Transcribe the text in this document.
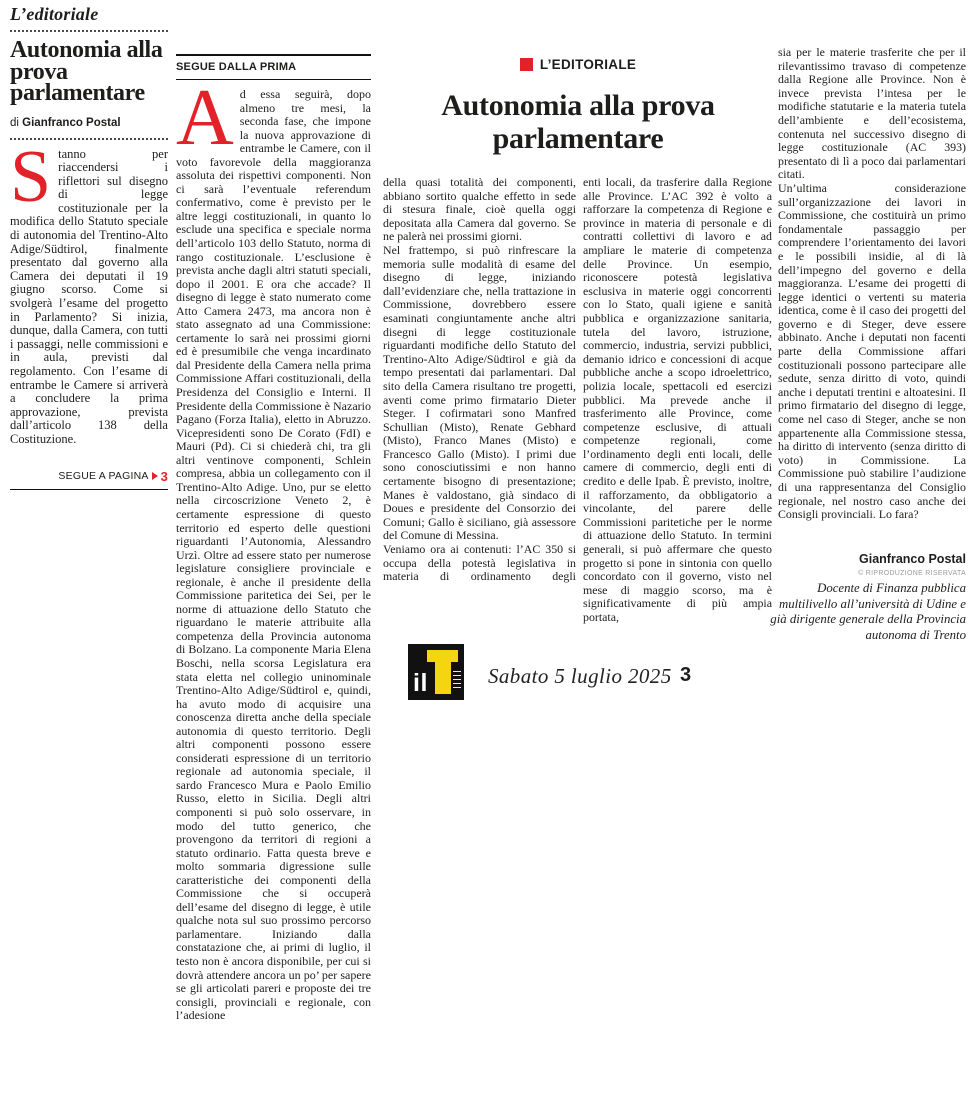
L’editoriale
Autonomia alla prova parlamentare
di Gianfranco Postal
Stanno per riaccendersi i riflettori sul disegno di legge costituzionale per la modifica dello Statuto speciale di autonomia del Trentino-Alto Adige/Südtirol, finalmente presentato dal governo alla Camera dei deputati il 19 giugno scorso. Come si svolgerà l’esame del progetto in Parlamento? Si inizia, dunque, dalla Camera, con tutti i passaggi, nelle commissioni e in aula, previsti dal regolamento. Con l’esame di entrambe le Camere si arriverà a concludere la prima approvazione, prevista dall’articolo 138 della Costituzione.
SEGUE A PAGINA 3
SEGUE DALLA PRIMA
Ad essa seguirà, dopo almeno tre mesi, la seconda fase, che impone la nuova approvazione di entrambe le Camere, con il voto favorevole della maggioranza assoluta dei rispettivi componenti. Non ci sarà l’eventuale referendum confermativo, come è previsto per le altre leggi costituzionali, in quanto lo esclude una specifica e speciale norma dell’articolo 103 dello Statuto, norma di rango costituzionale. L’esclusione è prevista anche dagli altri statuti speciali, dopo il 2001. E ora che accade? Il disegno di legge è stato numerato come Atto Camera 2473, ma ancora non è stato assegnato ad una Commissione: certamente lo sarà nei prossimi giorni ed è presumibile che venga incardinato dal Presidente della Camera nella prima Commissione Affari costituzionali, della Presidenza del Consiglio e Interni. Il Presidente della Commissione è Nazario Pagano (Forza Italia), eletto in Abruzzo. Vicepresidenti sono De Corato (FdI) e Mauri (Pd). Ci si chiederà chi, tra gli altri ventinove componenti, Schlein compresa, abbia un collegamento con il Trentino-Alto Adige. Uno, pur se eletto nella circoscrizione Veneto 2, è certamente espressione di questo territorio ed esperto delle questioni riguardanti l’Autonomia, Alessandro Urzì. Oltre ad essere stato per numerose legislature consigliere provinciale e regionale, è anche il presidente della Commissione paritetica dei Sei, per le norme di attuazione dello Statuto che riguardano le materie attribuite alla competenza della Provincia autonoma di Bolzano. La componente Maria Elena Boschi, nella scorsa Legislatura era stata eletta nel collegio uninominale Trentino-Alto Adige/Südtirol e, quindi, ha avuto modo di acquisire una conoscenza diretta anche della speciale autonomia di questo territorio. Degli altri componenti possono essere considerati espressione di un territorio regionale ad autonomia speciale, il sardo Francesco Mura e Paolo Emilio Russo, eletto in Sicilia. Degli altri componenti si può solo osservare, in modo del tutto generico, che provengono da territori di regioni a statuto ordinario. Fatta questa breve e molto sommaria digressione sulle caratteristiche dei componenti della Commissione che si occuperà dell’esame del disegno di legge, è utile qualche nota sul suo prossimo percorso parlamentare. Iniziando dalla constatazione che, ai primi di luglio, il testo non è ancora disponibile, per cui si dovrà attendere ancora un po’ per sapere se gli articolati pareri e proposte dei tre consigli, provinciali e regionale, con l’adesione
L’EDITORIALE
Autonomia alla prova parlamentare

della quasi totalità dei componenti, abbiano sortito qualche effetto in sede di stesura finale, cioè quella oggi depositata alla Camera dal governo. Se ne palerà nei prossimi giorni.

Nel frattempo, si può rinfrescare la memoria sulle modalità di esame del disegno di legge, iniziando dall’evidenziare che, nella trattazione in Commissione, dovrebbero essere esaminati congiuntamente anche altri disegni di legge costituzionale riguardanti modifiche dello Statuto del Trentino-Alto Adige/Südtirol e già da tempo presentati dai parlamentari. Dal sito della Camera risultano tre progetti, aventi come primo firmatario Dieter Steger. I cofirmatari sono Manfred Schullian (Misto), Renate Gebhard (Misto), Franco Manes (Misto) e Francesco Gallo (Misto). I primi due sono conosciutissimi e non hanno certamente bisogno di presentazione; Manes è valdostano, già sindaco di Doues e presidente del Consorzio dei Comuni; Gallo è siciliano, già assessore del Comune di Messina.

Veniamo ora ai contenuti: l’AC 350 si occupa della potestà legislativa in materia di ordinamento degli

enti locali, da trasferire dalla Regione alle Province. L’AC 392 è volto a rafforzare la competenza di Regione e province in materia di personale e di contratti collettivi di lavoro e ad ampliare le materie di competenza delle Province. Un esempio, riconoscere potestà legislativa esclusiva in materie oggi concorrenti con lo Stato, quali igiene e sanità pubblica e organizzazione sanitaria, tutela del lavoro, istruzione, commercio, industria, servizi pubblici, demanio idrico e concessioni di acque pubbliche anche a scopo idroelettrico, polizia locale, spettacoli ed esercizi pubblici. Ma prevede anche il trasferimento alle Province, come competenze esclusive, di attuali competenze regionali, come l’ordinamento degli enti locali, delle camere di commercio, degli enti di credito e delle Ipab. È previsto, inoltre, il rafforzamento, da obbligatorio a vincolante, del parere delle Commissioni paritetiche per le norme di attuazione dello Statuto. In termini generali, si può affermare che questo progetto si pone in sintonia con quello concordato con il governo, visto nel mese di maggio scorso, ma è significativamente di più ampia portata,

sia per le materie trasferite che per il rilevantissimo travaso di competenze dalla Regione alle Province. Non è invece prevista l’intesa per le modifiche statutarie e la materia tutela dell’ambiente e dell’ecosistema, contenuta nel successivo disegno di legge costituzionale (AC 393) presentato di lì a poco dai parlamentari citati.

Un’ultima considerazione sull’organizzazione dei lavori in Commissione, che costituirà un primo fondamentale passaggio per comprendere l’orientamento dei lavori e le possibili insidie, al di là dell’impegno del governo e della maggioranza. L’esame dei progetti di legge identici o vertenti su materia identica, come è il caso dei progetti del governo e di Steger, deve essere abbinato. Anche i deputati non facenti parte della Commissione affari costituzionali possono partecipare alle sedute, senza diritto di voto, quindi anche i deputati trentini e altoatesini. Il primo firmatario del disegno di legge, come nel caso di Steger, anche se non appartenente alla Commissione stessa, ha diritto di intervento (senza diritto di voto) in Commissione. La Commissione può stabilire l’audizione di una rappresentanza del Consiglio regionale, nel nostro caso anche dei Consigli provinciali. Lo fara?

Gianfranco Postal
© RIPRODUZIONE RISERVATA
Docente di Finanza pubblica multilivello all’università di Udine e già dirigente generale della Provincia autonoma di Trento
il	Sabato 5 luglio 2025 3
